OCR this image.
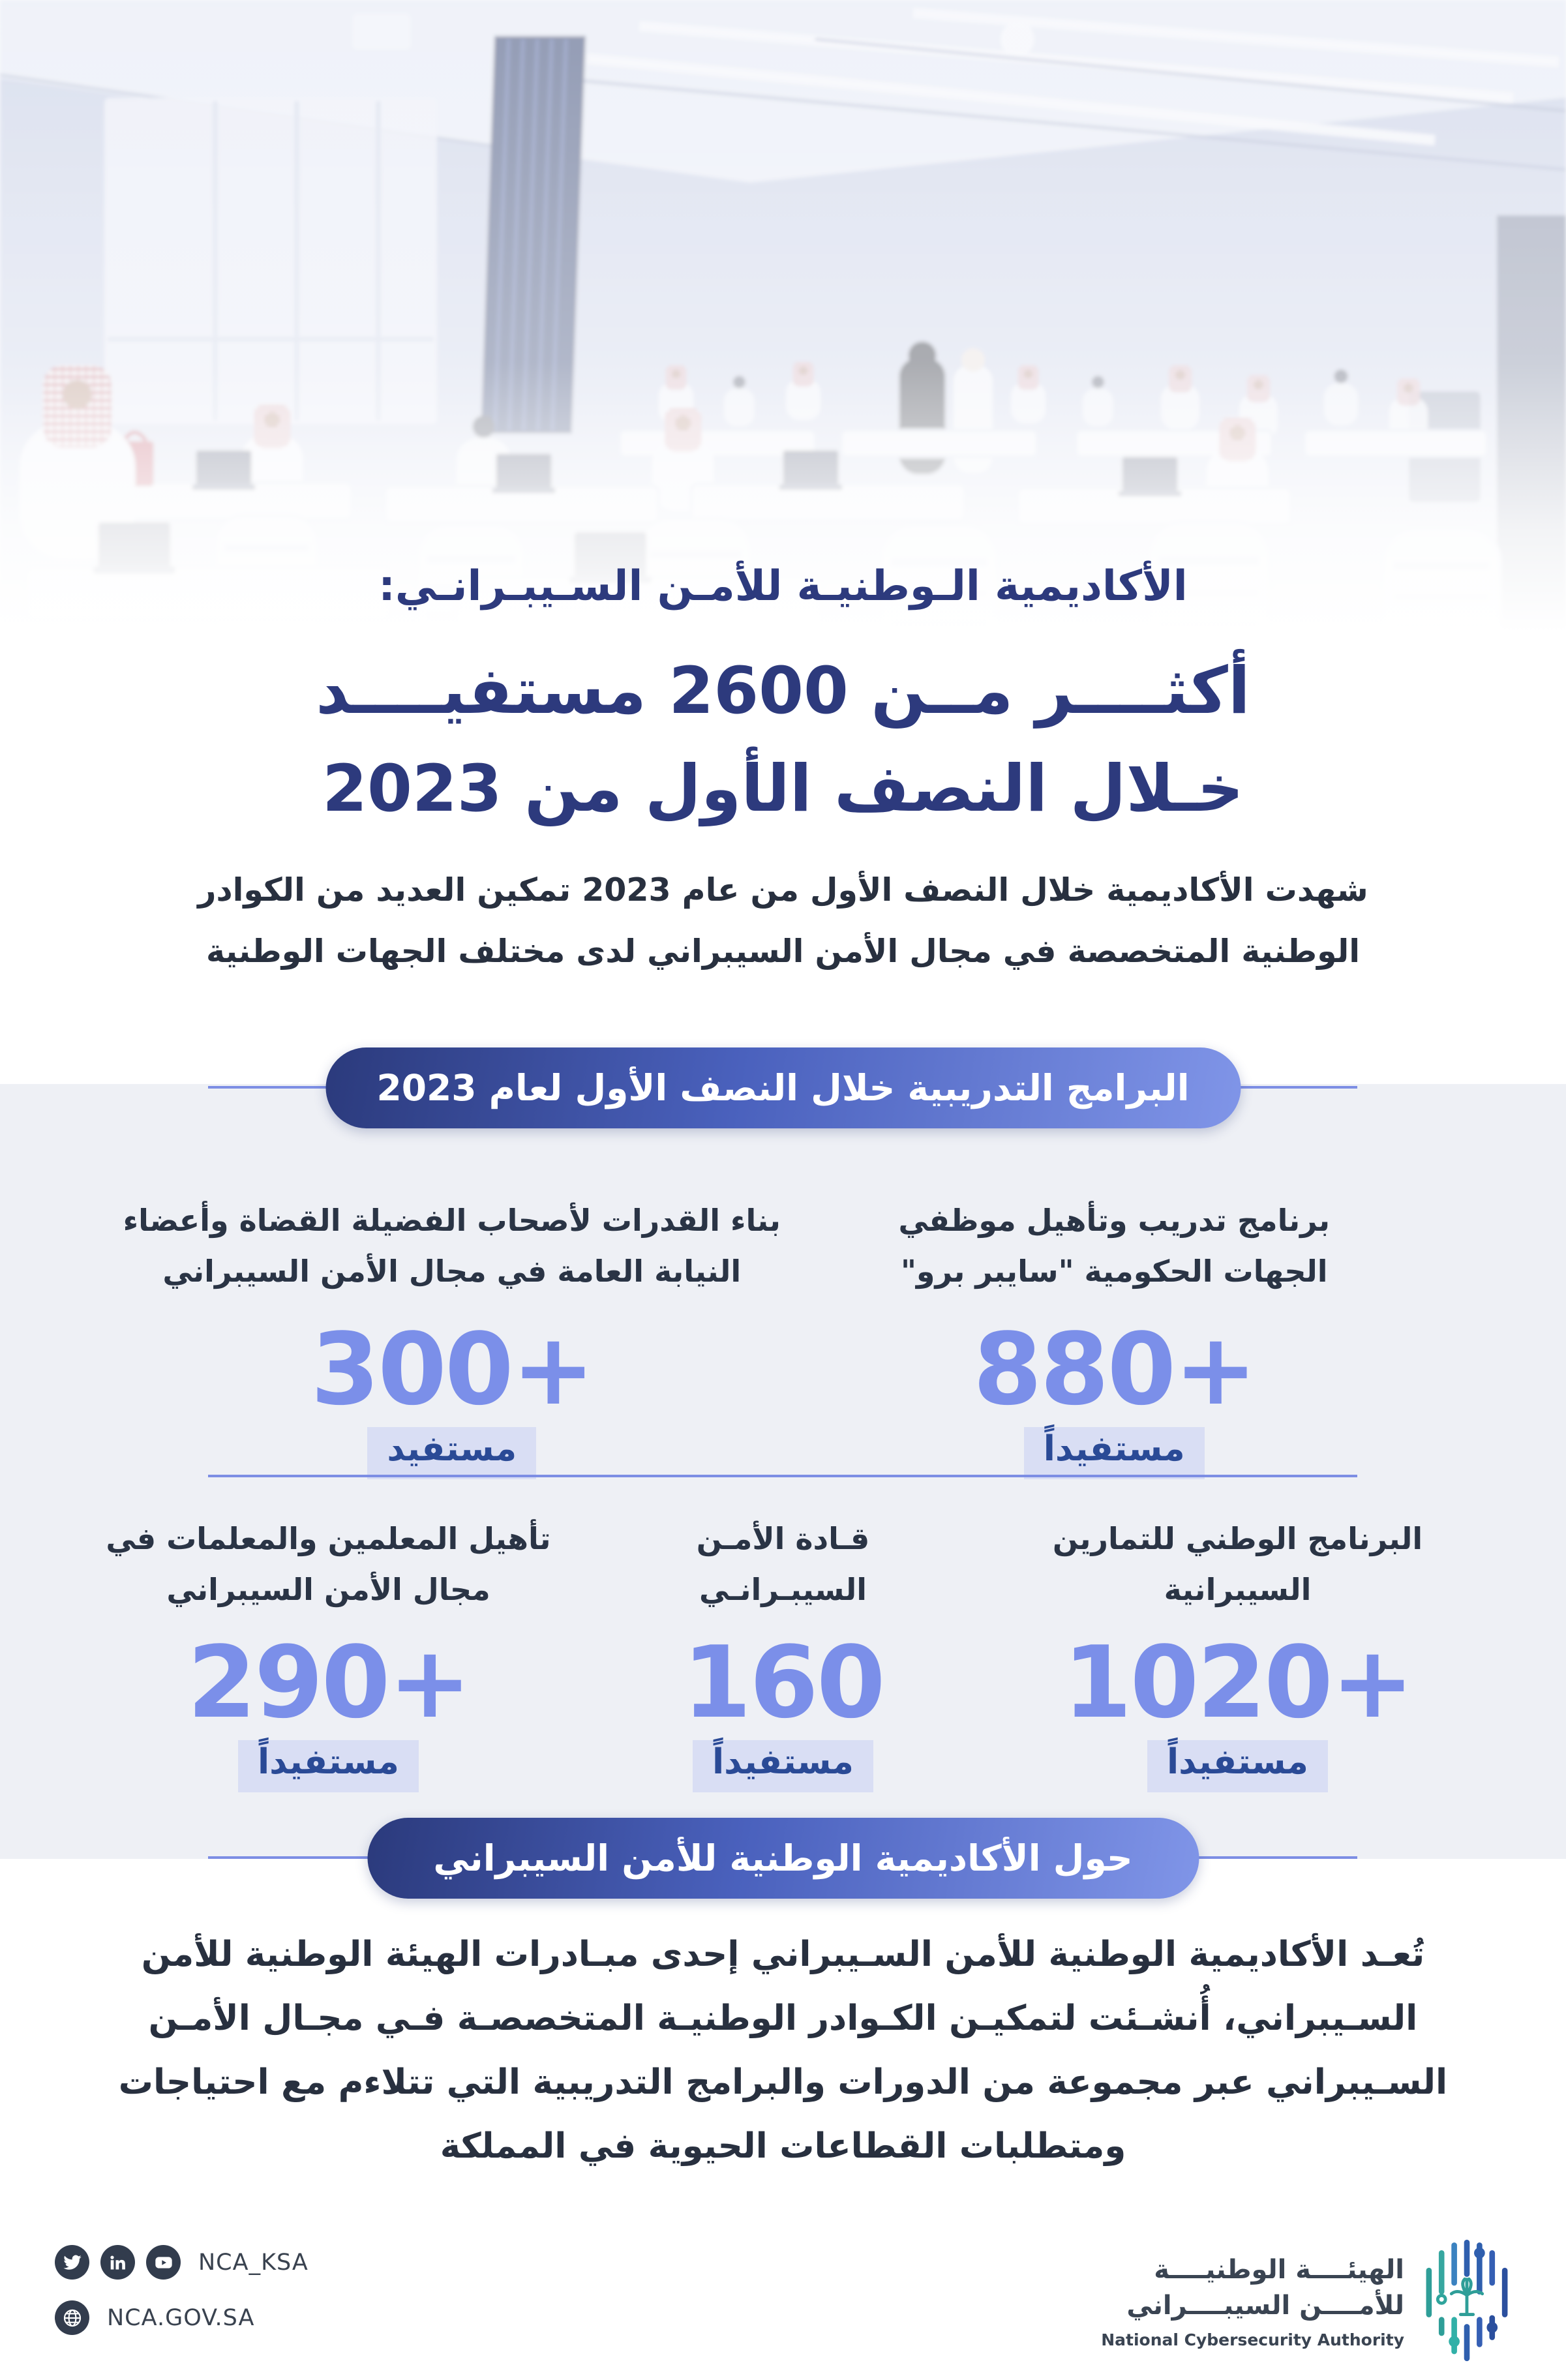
الأكاديمية الـوطنيـة للأمـن السـيبـرانـي:
أكثــــر مــن 2600 مستفيــــد
خـلال النصف الأول من 2023
شهدت الأكاديمية خلال النصف الأول من عام 2023 تمكين العديد من الكوادر
الوطنية المتخصصة في مجال الأمن السيبراني لدى مختلف الجهات الوطنية
البرامج التدريبية خلال النصف الأول لعام 2023
برنامج تدريب وتأهيل موظفي
الجهات الحكومية "سايبر برو"
880+
مستفيداً
بناء القدرات لأصحاب الفضيلة القضاة وأعضاء
النيابة العامة في مجال الأمن السيبراني
300+
مستفيد
البرنامج الوطني للتمارين
السيبرانية
1020+
مستفيداً
قـادة الأمـن
السيبـرانـي
160
مستفيداً
تأهيل المعلمين والمعلمات في
مجال الأمن السيبراني
290+
مستفيداً
حول الأكاديمية الوطنية للأمن السيبراني
تُعـد الأكاديمية الوطنية للأمن السـيبراني إحدى مبـادرات الهيئة الوطنية للأمن
السـيبراني، أُنشـئت لتمكيـن الكـوادر الوطنيـة المتخصصـة فـي مجـال الأمـن
السـيبراني عبر مجموعة من الدورات والبرامج التدريبية التي تتلاءم مع احتياجات
ومتطلبات القطاعات الحيوية في المملكة
NCA_KSA
NCA.GOV.SA
الهيئــــة الوطنيــــة
للأمــــن السيبــــراني
National Cybersecurity Authority
